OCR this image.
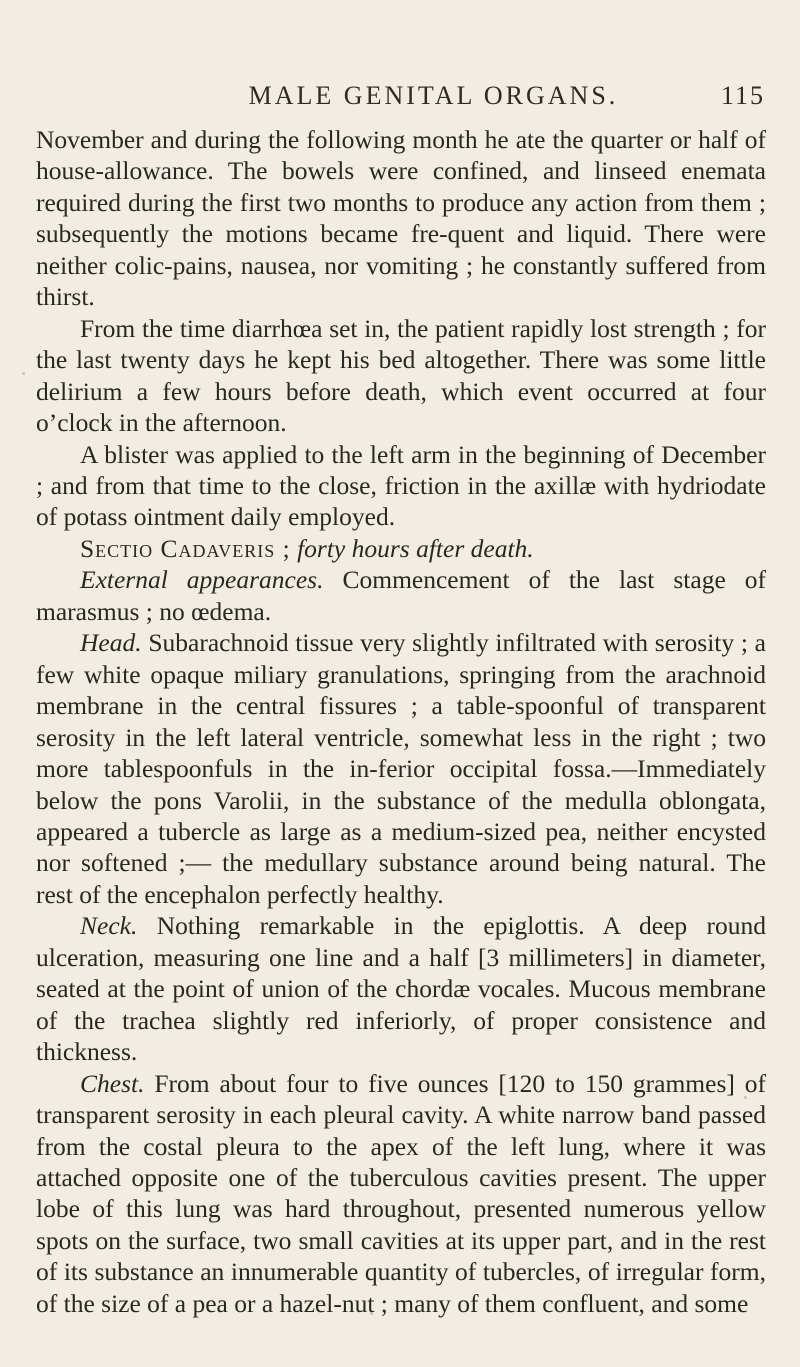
MALE GENITAL ORGANS.	115

November and during the following month he ate the quarter or half of house-allowance. The bowels were confined, and linseed enemata required during the first two months to produce any action from them ; subsequently the motions became fre-quent and liquid. There were neither colic-pains, nausea, nor vomiting ; he constantly suffered from thirst.

From the time diarrhœa set in, the patient rapidly lost strength ; for the last twenty days he kept his bed altogether. There was some little delirium a few hours before death, which event occurred at four o’clock in the afternoon.

A blister was applied to the left arm in the beginning of December ; and from that time to the close, friction in the axillæ with hydriodate of potass ointment daily employed.

Sectio Cadaveris ; forty hours after death.

External appearances. Commencement of the last stage of marasmus ; no œdema.

Head. Subarachnoid tissue very slightly infiltrated with serosity ; a few white opaque miliary granulations, springing from the arachnoid membrane in the central fissures ; a table-spoonful of transparent serosity in the left lateral ventricle, somewhat less in the right ; two more tablespoonfuls in the in-ferior occipital fossa.—Immediately below the pons Varolii, in the substance of the medulla oblongata, appeared a tubercle as large as a medium-sized pea, neither encysted nor softened ;— the medullary substance around being natural. The rest of the encephalon perfectly healthy.

Neck. Nothing remarkable in the epiglottis. A deep round ulceration, measuring one line and a half [3 millimeters] in diameter, seated at the point of union of the chordæ vocales. Mucous membrane of the trachea slightly red inferiorly, of proper consistence and thickness.

Chest. From about four to five ounces [120 to 150 grammes] of transparent serosity in each pleural cavity. A white narrow band passed from the costal pleura to the apex of the left lung, where it was attached opposite one of the tuberculous cavities present. The upper lobe of this lung was hard throughout, presented numerous yellow spots on the surface, two small cavities at its upper part, and in the rest of its substance an innumerable quantity of tubercles, of irregular form, of the size of a pea or a hazel-nut ; many of them confluent, and some
